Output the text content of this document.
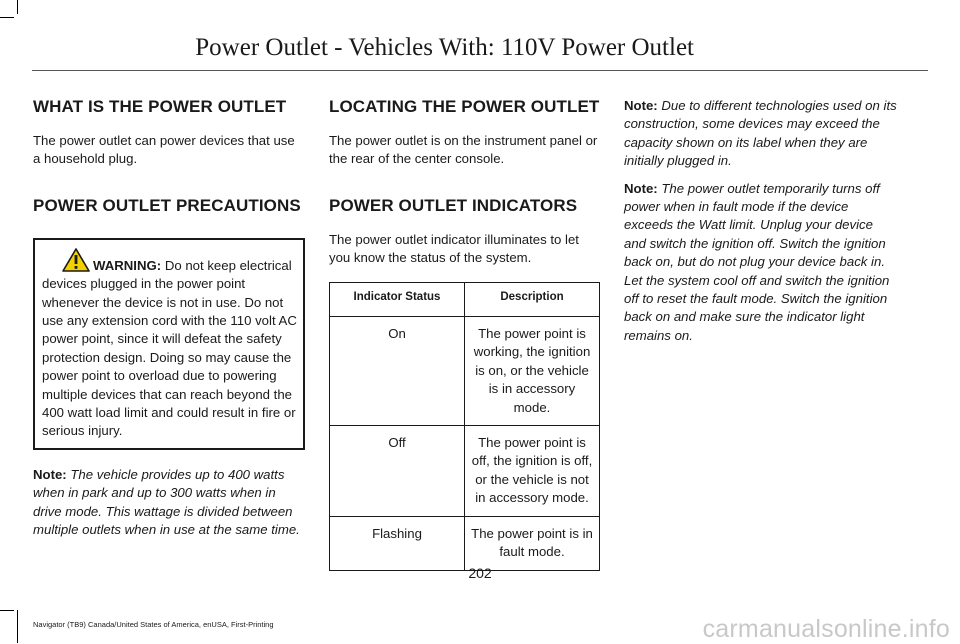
Power Outlet - Vehicles With: 110V Power Outlet
WHAT IS THE POWER OUTLET

The power outlet can power devices that use a household plug.

POWER OUTLET PRECAUTIONS
WARNING: Do not keep electrical devices plugged in the power point whenever the device is not in use. Do not use any extension cord with the 110 volt AC power point, since it will defeat the safety protection design. Doing so may cause the power point to overload due to powering multiple devices that can reach beyond the 400 watt load limit and could result in fire or serious injury.

Note: The vehicle provides up to 400 watts when in park and up to 300 watts when in drive mode. This wattage is divided between multiple outlets when in use at the same time.

LOCATING THE POWER OUTLET

The power outlet is on the instrument panel or the rear of the center console.

POWER OUTLET INDICATORS

The power outlet indicator illuminates to let you know the status of the system.

Indicator Status	Description
On	The power point is working, the ignition is on, or the vehicle is in accessory mode.
Off	The power point is off, the ignition is off, or the vehicle is not in accessory mode.
Flashing	The power point is in fault mode.

Note: Due to different technologies used on its construction, some devices may exceed the capacity shown on its label when they are initially plugged in.

Note: The power outlet temporarily turns off power when in fault mode if the device exceeds the Watt limit. Unplug your device and switch the ignition off. Switch the ignition back on, but do not plug your device back in. Let the system cool off and switch the ignition off to reset the fault mode. Switch the ignition back on and make sure the indicator light remains on.

202
Navigator (TB9) Canada/United States of America, enUSA, First-Printing	carmanualsonline.info
